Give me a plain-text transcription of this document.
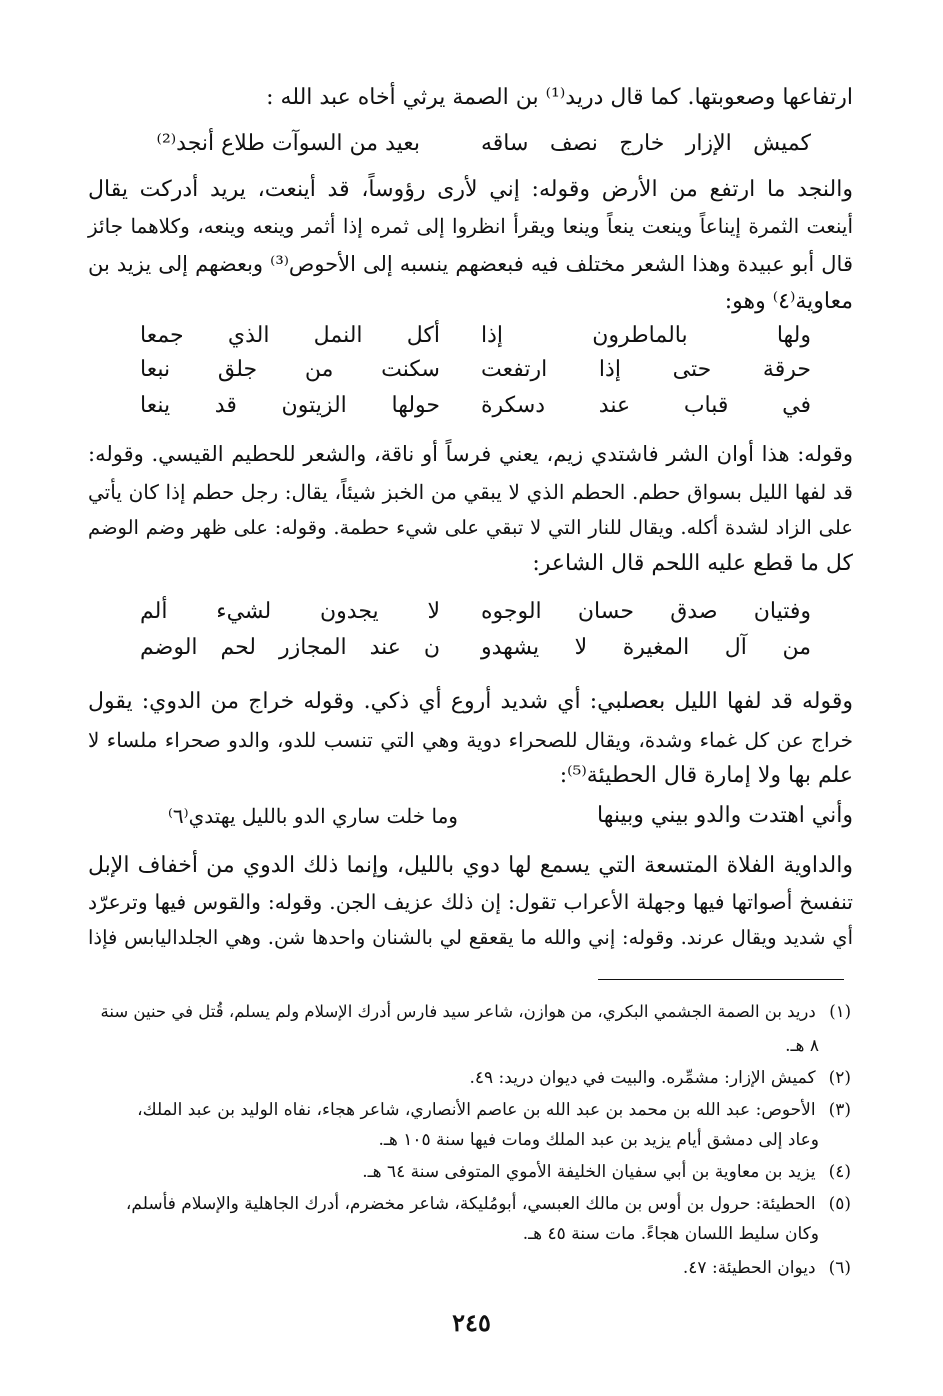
ارتفاعها وصعوبتها. كما قال دريد⁽¹⁾ بن الصمة يرثي أخاه عبد الله :
كميش الإزار خارج نصف ساقه
بعيد من السوآت طلاع أنجد⁽²⁾
والنجد ما ارتفع من الأرض وقوله: إني لأرى رؤوساً، قد أينعت، يريد أدركت يقال
أينعت الثمرة إيناعاً وينعت ينعاً وينعا ويقرأ انظروا إلى ثمره إذا أثمر وينعه وينعه، وكلاهما جائز
قال أبو عبيدة وهذا الشعر مختلف فيه فبعضهم ينسبه إلى الأحوص⁽³⁾ وبعضهم إلى يزيد بن
معاوية⁽٤⁾ وهو:
ولها بالماطرون إذا
أكل النمل الذي جمعا
حرقة حتى إذا ارتفعت
سكنت من جلق نبعا
في قباب عند دسكرة
حولها الزيتون قد ينعا
وقوله: هذا أوان الشر فاشتدي زيم، يعني فرساً أو ناقة، والشعر للحطيم القيسي. وقوله:
قد لفها الليل بسواق حطم. الحطم الذي لا يبقي من الخبز شيئاً، يقال: رجل حطم إذا كان يأتي
على الزاد لشدة أكله. ويقال للنار التي لا تبقي على شيء حطمة. وقوله: على ظهر وضم الوضم
كل ما قطع عليه اللحم قال الشاعر:
وفتيان صدق حسان الوجوه
لا يجدون لشيء ألم
من آل المغيرة لا يشهدو
ن عند المجازر لحم الوضم
وقوله قد لفها الليل بعصلبي: أي شديد أروع أي ذكي. وقوله خراج من الدوي: يقول
خراج عن كل غماء وشدة، ويقال للصحراء دوية وهي التي تنسب للدو، والدو صحراء ملساء لا
علم بها ولا إمارة قال الحطيئة⁽⁵⁾:
وأني اهتدت والدو بيني وبينها
وما خلت ساري الدو بالليل يهتدي⁽٦⁾
والداوية الفلاة المتسعة التي يسمع لها دوي بالليل، وإنما ذلك الدوي من أخفاف الإبل
تنفسخ أصواتها فيها وجهلة الأعراب تقول: إن ذلك عزيف الجن. وقوله: والقوس فيها وترعرّد
أي شديد ويقال عرند. وقوله: إني والله ما يقعقع لي بالشنان واحدها شن. وهي الجلداليابس فإذا
(١) دريد بن الصمة الجشمي البكري، من هوازن، شاعر سيد فارس أدرك الإسلام ولم يسلم، قُتل في حنين سنة
٨ هـ.
(٢) كميش الإزار: مشمِّره. والبيت في ديوان دريد: ٤٩.
(٣) الأحوص: عبد الله بن محمد بن عبد الله بن عاصم الأنصاري، شاعر هجاء، نفاه الوليد بن عبد الملك،
وعاد إلى دمشق أيام يزيد بن عبد الملك ومات فيها سنة ١٠٥ هـ.
(٤) يزيد بن معاوية بن أبي سفيان الخليفة الأموي المتوفى سنة ٦٤ هـ.
(٥) الحطيئة: حرول بن أوس بن مالك العبسي، أبومُليكة، شاعر مخضرم، أدرك الجاهلية والإسلام فأسلم،
وكان سليط اللسان هجاءً. مات سنة ٤٥ هـ.
(٦) ديوان الحطيئة: ٤٧.
٢٤٥
